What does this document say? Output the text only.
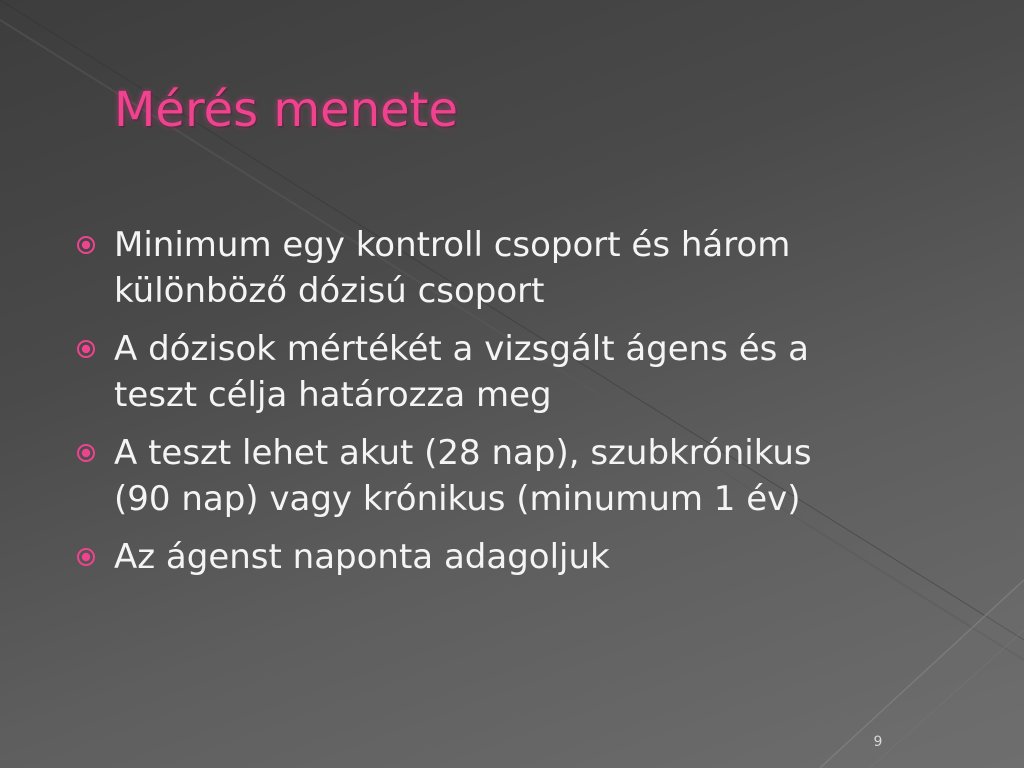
Mérés menete
Minimum egy kontroll csoport és három
különböző dózisú csoport
A dózisok mértékét a vizsgált ágens és a
teszt célja határozza meg
A teszt lehet akut (28 nap), szubkrónikus
(90 nap) vagy krónikus (minumum 1 év)
Az ágenst naponta adagoljuk
9
